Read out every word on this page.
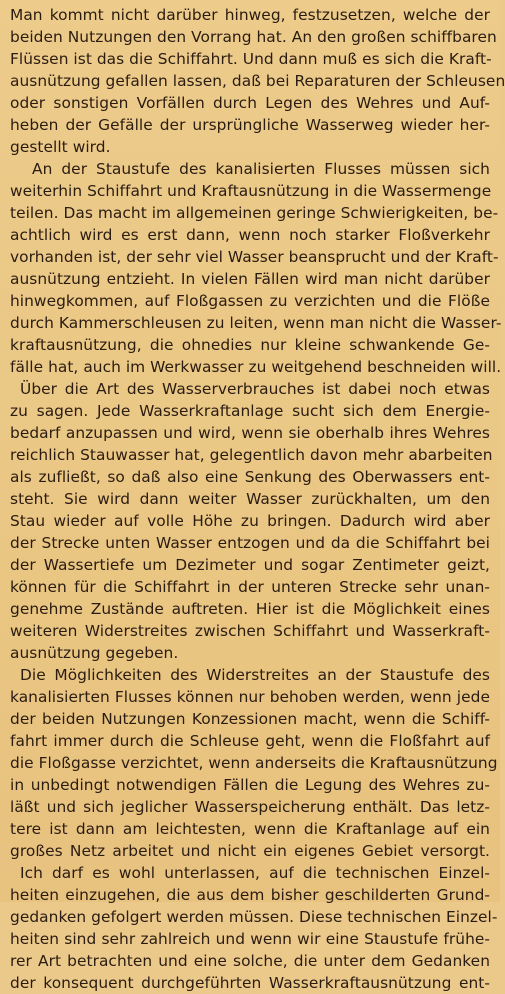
Man kommt nicht darüber hinweg, festzusetzen, welche der
beiden Nutzungen den Vorrang hat. An den großen schiffbaren
Flüssen ist das die Schiffahrt. Und dann muß es sich die Kraft-
ausnützung gefallen lassen, daß bei Reparaturen der Schleusen
oder sonstigen Vorfällen durch Legen des Wehres und Auf-
heben der Gefälle der ursprüngliche Wasserweg wieder her-
gestellt wird.

An der Staustufe des kanalisierten Flusses müssen sich
weiterhin Schiffahrt und Kraftausnützung in die Wassermenge
teilen. Das macht im allgemeinen geringe Schwierigkeiten, be-
achtlich wird es erst dann, wenn noch starker Floßverkehr
vorhanden ist, der sehr viel Wasser beansprucht und der Kraft-
ausnützung entzieht. In vielen Fällen wird man nicht darüber
hinwegkommen, auf Floßgassen zu verzichten und die Flöße
durch Kammerschleusen zu leiten, wenn man nicht die Wasser-
kraftausnützung, die ohnedies nur kleine schwankende Ge-
fälle hat, auch im Werkwasser zu weitgehend beschneiden will.

Über die Art des Wasserverbrauches ist dabei noch etwas
zu sagen. Jede Wasserkraftanlage sucht sich dem Energie-
bedarf anzupassen und wird, wenn sie oberhalb ihres Wehres
reichlich Stauwasser hat, gelegentlich davon mehr abarbeiten
als zufließt, so daß also eine Senkung des Oberwassers ent-
steht. Sie wird dann weiter Wasser zurückhalten, um den
Stau wieder auf volle Höhe zu bringen. Dadurch wird aber
der Strecke unten Wasser entzogen und da die Schiffahrt bei
der Wassertiefe um Dezimeter und sogar Zentimeter geizt,
können für die Schiffahrt in der unteren Strecke sehr unan-
genehme Zustände auftreten. Hier ist die Möglichkeit eines
weiteren Widerstreites zwischen Schiffahrt und Wasserkraft-
ausnützung gegeben.

Die Möglichkeiten des Widerstreites an der Staustufe des
kanalisierten Flusses können nur behoben werden, wenn jede
der beiden Nutzungen Konzessionen macht, wenn die Schiff-
fahrt immer durch die Schleuse geht, wenn die Floßfahrt auf
die Floßgasse verzichtet, wenn anderseits die Kraftausnützung
in unbedingt notwendigen Fällen die Legung des Wehres zu-
läßt und sich jeglicher Wasserspeicherung enthält. Das letz-
tere ist dann am leichtesten, wenn die Kraftanlage auf ein
großes Netz arbeitet und nicht ein eigenes Gebiet versorgt.

Ich darf es wohl unterlassen, auf die technischen Einzel-
heiten einzugehen, die aus dem bisher geschilderten Grund-
gedanken gefolgert werden müssen. Diese technischen Einzel-
heiten sind sehr zahlreich und wenn wir eine Staustufe frühe-
rer Art betrachten und eine solche, die unter dem Gedanken
der konsequent durchgeführten Wasserkraftausnützung ent-
